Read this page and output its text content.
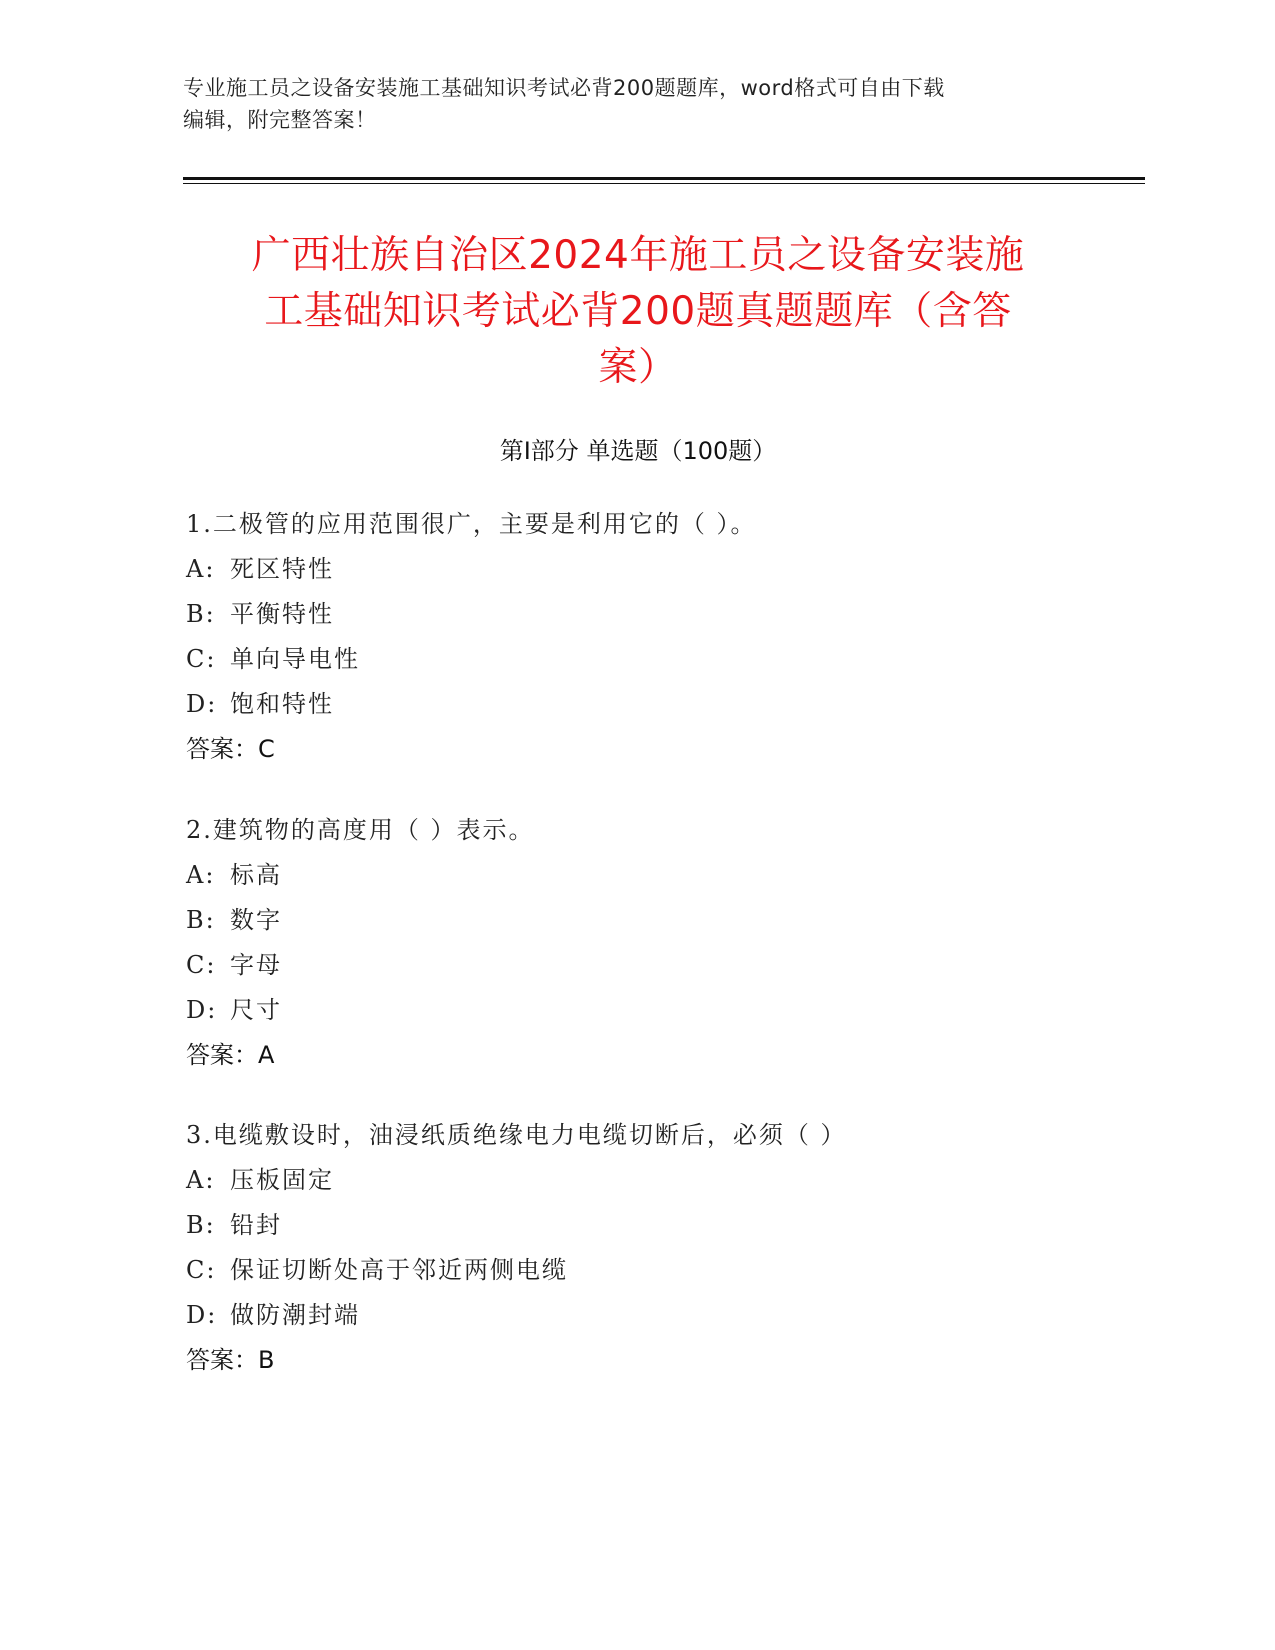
专业施工员之设备安装施工基础知识考试必背200题题库，word格式可自由下载
编辑，附完整答案！
广西壮族自治区2024年施工员之设备安装施
工基础知识考试必背200题真题题库（含答
案）
第Ⅰ部分 单选题（100题）
1.二极管的应用范围很广，主要是利用它的（ ）。
A: 死区特性
B: 平衡特性
C: 单向导电性
D: 饱和特性
答案：C
2.建筑物的高度用（ ）表示。
A: 标高
B: 数字
C: 字母
D: 尺寸
答案：A
3.电缆敷设时，油浸纸质绝缘电力电缆切断后，必须（ ）
A: 压板固定
B: 铅封
C: 保证切断处高于邻近两侧电缆
D: 做防潮封端
答案：B
